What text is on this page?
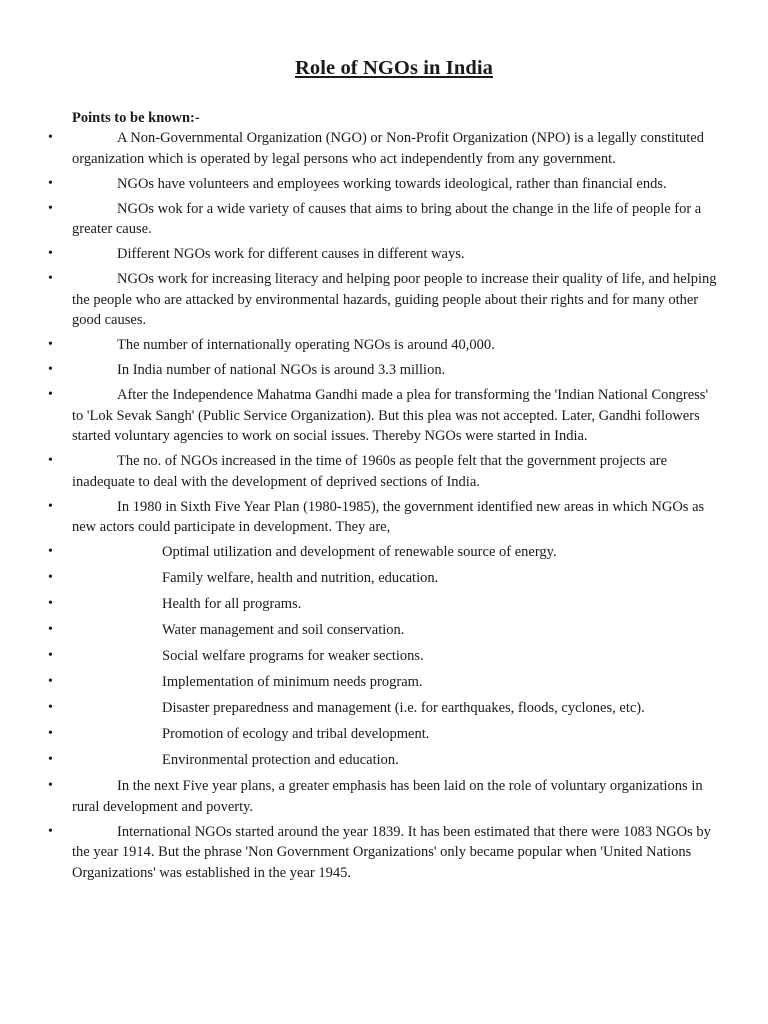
Role of NGOs in India

Points to be known:-

•	A Non-Governmental Organization (NGO) or Non-Profit Organization (NPO) is a legally constituted organization which is operated by legal persons who act independently from any government.
•	NGOs have volunteers and employees working towards ideological, rather than financial ends.
•	NGOs wok for a wide variety of causes that aims to bring about the change in the life of people for a greater cause.
•	Different NGOs work for different causes in different ways.
•	NGOs work for increasing literacy and helping poor people to increase their quality of life, and helping the people who are attacked by environmental hazards, guiding people about their rights and for many other good causes.
•	The number of internationally operating NGOs is around 40,000.
•	In India number of national NGOs is around 3.3 million.
•	After the Independence Mahatma Gandhi made a plea for transforming the 'Indian National Congress' to 'Lok Sevak Sangh' (Public Service Organization). But this plea was not accepted. Later, Gandhi followers started voluntary agencies to work on social issues. Thereby NGOs were started in India.
•	The no. of NGOs increased in the time of 1960s as people felt that the government projects are inadequate to deal with the development of deprived sections of India.
•	In 1980 in Sixth Five Year Plan (1980-1985), the government identified new areas in which NGOs as new actors could participate in development. They are,
•	Optimal utilization and development of renewable source of energy.
•	Family welfare, health and nutrition, education.
•	Health for all programs.
•	Water management and soil conservation.
•	Social welfare programs for weaker sections.
•	Implementation of minimum needs program.
•	Disaster preparedness and management (i.e. for earthquakes, floods, cyclones, etc).
•	Promotion of ecology and tribal development.
•	Environmental protection and education.
•	In the next Five year plans, a greater emphasis has been laid on the role of voluntary organizations in rural development and poverty.
•	International NGOs started around the year 1839. It has been estimated that there were 1083 NGOs by the year 1914. But the phrase 'Non Government Organizations' only became popular when 'United Nations Organizations' was established in the year 1945.
